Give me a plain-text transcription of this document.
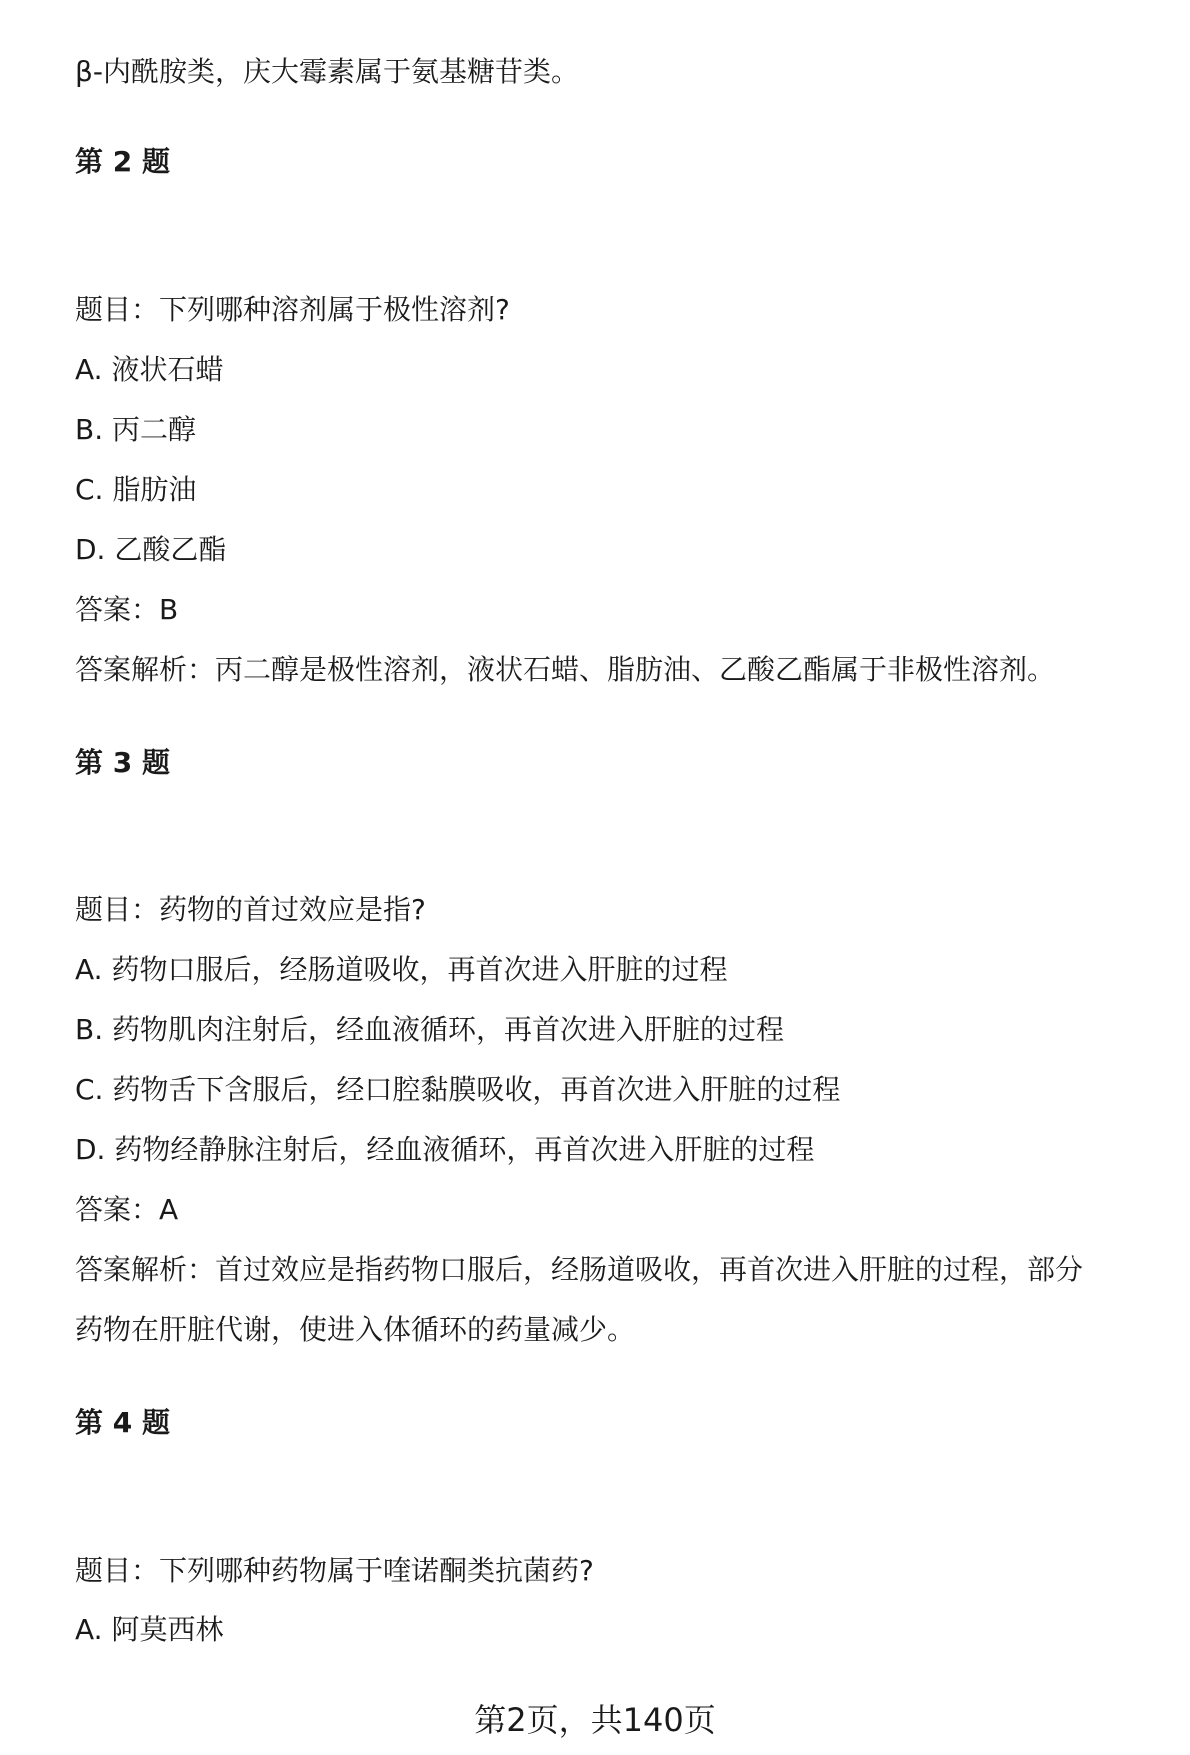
β-内酰胺类，庆大霉素属于氨基糖苷类。
第 2 题
题目：下列哪种溶剂属于极性溶剂?
A. 液状石蜡
B. 丙二醇
C. 脂肪油
D. 乙酸乙酯
答案：B
答案解析：丙二醇是极性溶剂，液状石蜡、脂肪油、乙酸乙酯属于非极性溶剂。
第 3 题
题目：药物的首过效应是指?
A. 药物口服后，经肠道吸收，再首次进入肝脏的过程
B. 药物肌肉注射后，经血液循环，再首次进入肝脏的过程
C. 药物舌下含服后，经口腔黏膜吸收，再首次进入肝脏的过程
D. 药物经静脉注射后，经血液循环，再首次进入肝脏的过程
答案：A
答案解析：首过效应是指药物口服后，经肠道吸收，再首次进入肝脏的过程，部分
药物在肝脏代谢，使进入体循环的药量减少。
第 4 题
题目：下列哪种药物属于喹诺酮类抗菌药?
A. 阿莫西林
第2页，共140页
